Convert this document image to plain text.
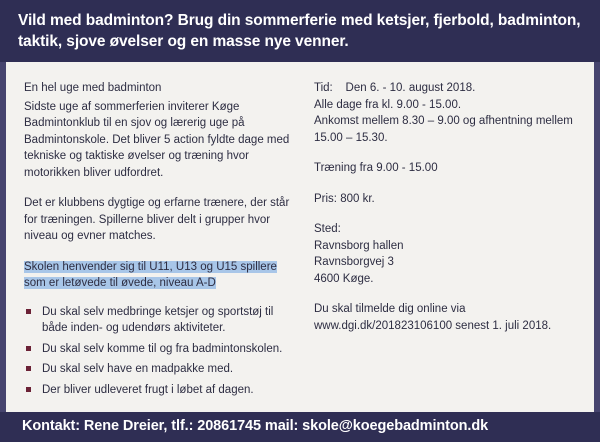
Vild med badminton? Brug din sommerferie med ketsjer, fjerbold, badminton, taktik, sjove øvelser og en masse nye venner.

En hel uge med badminton

Sidste uge af sommerferien inviterer Køge Badmintonklub til en sjov og lærerig uge på Badmintonskole. Det bliver 5 action fyldte dage med tekniske og taktiske øvelser og træning hvor motorikken bliver udfordret.

Det er klubbens dygtige og erfarne trænere, der står for træningen. Spillerne bliver delt i grupper hvor niveau og evner matches.

Skolen henvender sig til U11, U13 og U15 spillere som er letøvede til øvede, niveau A-D
Du skal selv medbringe ketsjer og sportstøj til både inden- og udendørs aktiviteter.
Du skal selv komme til og fra badmintonskolen.
Du skal selv have en madpakke med.
Der bliver udleveret frugt i løbet af dagen.
Tid: Den 6. - 10. august 2018.
Alle dage fra kl. 9.00 - 15.00.
Ankomst mellem 8.30 – 9.00 og afhentning mellem
15.00 – 15.30.
Træning fra 9.00 - 15.00
Pris: 800 kr.
Sted:
Ravnsborg hallen
Ravnsborgvej 3
4600 Køge.
Du skal tilmelde dig online via
www.dgi.dk/201823106100 senest 1. juli 2018.
Kontakt: Rene Dreier, tlf.: 20861745 mail: skole@koegebadminton.dk
